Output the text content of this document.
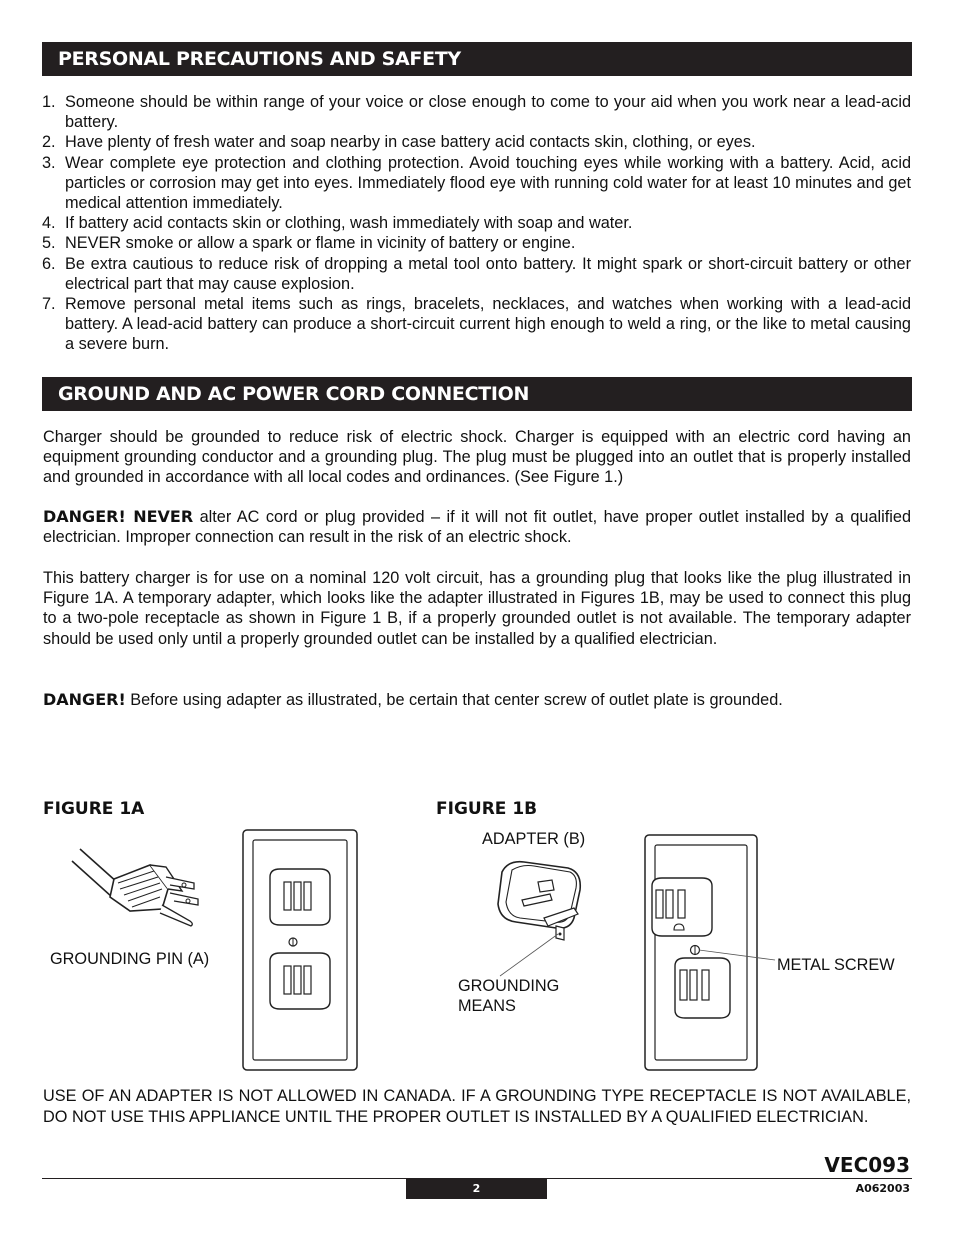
PERSONAL PRECAUTIONS AND SAFETY
1. Someone should be within range of your voice or close enough to come to your aid when you work near a lead-acid battery.
2. Have plenty of fresh water and soap nearby in case battery acid contacts skin, clothing, or eyes.
3. Wear complete eye protection and clothing protection. Avoid touching eyes while working with a battery. Acid, acid particles or corrosion may get into eyes. Immediately flood eye with running cold water for at least 10 minutes and get medical attention immediately.
4. If battery acid contacts skin or clothing, wash immediately with soap and water.
5. NEVER smoke or allow a spark or flame in vicinity of battery or engine.
6. Be extra cautious to reduce risk of dropping a metal tool onto battery. It might spark or short-circuit battery or other electrical part that may cause explosion.
7. Remove personal metal items such as rings, bracelets, necklaces, and watches when working with a lead-acid battery. A lead-acid battery can produce a short-circuit current high enough to weld a ring, or the like to metal causing a severe burn.
GROUND AND AC POWER CORD CONNECTION

Charger should be grounded to reduce risk of electric shock. Charger is equipped with an electric cord having an equipment grounding conductor and a grounding plug. The plug must be plugged into an outlet that is properly installed and grounded in accordance with all local codes and ordinances. (See Figure 1.)

DANGER! NEVER alter AC cord or plug provided – if it will not fit outlet, have proper outlet installed by a qualified electrician. Improper connection can result in the risk of an electric shock.

This battery charger is for use on a nominal 120 volt circuit, has a grounding plug that looks like the plug illustrated in Figure 1A. A temporary adapter, which looks like the adapter illustrated in Figures 1B, may be used to connect this plug to a two-pole receptacle as shown in Figure 1 B, if a properly grounded outlet is not available. The temporary adapter should be used only until a properly grounded outlet can be installed by a qualified electrician.

DANGER! Before using adapter as illustrated, be certain that center screw of outlet plate is grounded.

FIGURE 1A
GROUNDING PIN (A)
FIGURE 1B
ADAPTER (B)
GROUNDING
MEANS
METAL SCREW

USE OF AN ADAPTER IS NOT ALLOWED IN CANADA. IF A GROUNDING TYPE RECEPTACLE IS NOT AVAILABLE, DO NOT USE THIS APPLIANCE UNTIL THE PROPER OUTLET IS INSTALLED BY A QUALIFIED ELECTRICIAN.

VEC093
2	A062003
